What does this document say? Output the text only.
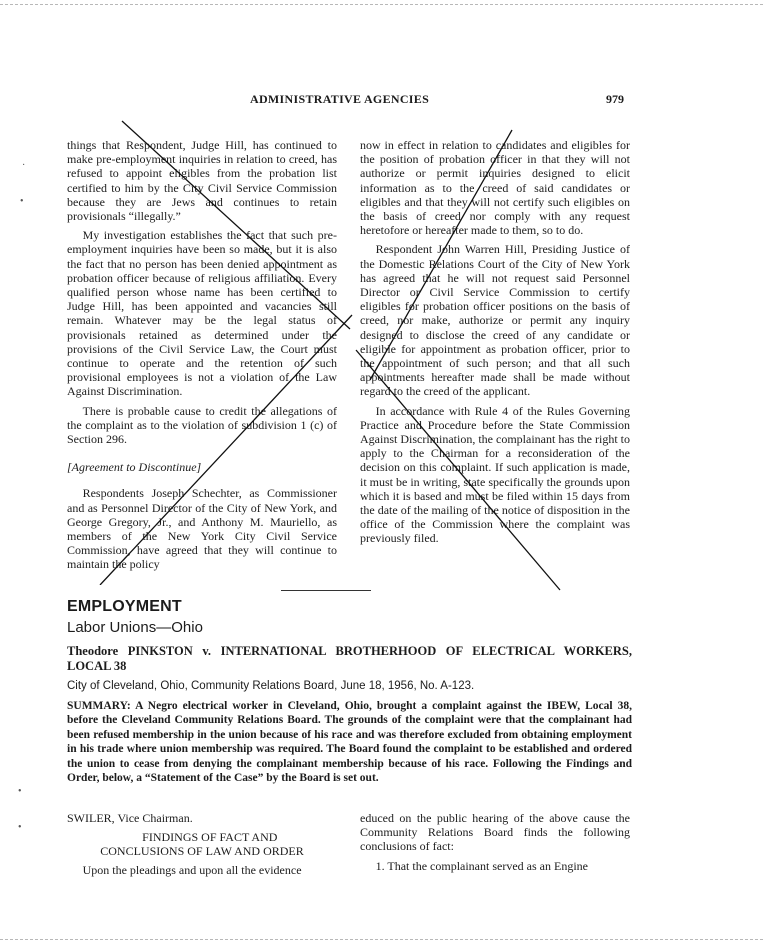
ADMINISTRATIVE AGENCIES	979

things that Respondent, Judge Hill, has continued to make pre-employment inquiries in relation to creed, has refused to appoint eligibles from the probation list certified to him by the City Civil Service Commission because they are Jews and continues to retain provisionals “illegally.”

My investigation establishes the fact that such pre-employment inquiries have been so made, but it is also the fact that no person has been denied appointment as probation officer because of religious affiliation. Every qualified person whose name has been certified to Judge Hill, has been appointed and vacancies still remain. Whatever may be the legal status of provisionals retained as determined under the provisions of the Civil Service Law, the Court must continue to operate and the retention of such provisional employees is not a violation of the Law Against Discrimination.

There is probable cause to credit the allegations of the complaint as to the violation of subdivision 1 (c) of Section 296.

[Agreement to Discontinue]

Respondents Joseph Schechter, as Commissioner and as Personnel Director of the City of New York, and George Gregory, Jr., and Anthony M. Mauriello, as members of the New York City Civil Service Commission, have agreed that they will continue to maintain the policy

now in effect in relation to candidates and eligibles for the position of probation officer in that they will not authorize or permit inquiries designed to elicit information as to the creed of said candidates or eligibles and that they will not certify such eligibles on the basis of creed nor comply with any request heretofore or hereafter made to them, so to do.

Respondent John Warren Hill, Presiding Justice of the Domestic Relations Court of the City of New York has agreed that he will not request said Personnel Director or Civil Service Commission to certify eligibles for probation officer positions on the basis of creed, nor make, authorize or permit any inquiry designed to disclose the creed of any candidate or eligible for appointment as probation officer, prior to the appointment of such person; and that all such appointments hereafter made shall be made without regard to the creed of the applicant.

In accordance with Rule 4 of the Rules Governing Practice and Procedure before the State Commission Against Discrimination, the complainant has the right to apply to the Chairman for a reconsideration of the decision on this complaint. If such application is made, it must be in writing, state specifically the grounds upon which it is based and must be filed within 15 days from the date of the mailing of the notice of disposition in the office of the Commission where the complaint was previously filed.

·
•
EMPLOYMENT
Labor Unions—Ohio
Theodore PINKSTON v. INTERNATIONAL BROTHERHOOD OF ELECTRICAL WORKERS, LOCAL 38
City of Cleveland, Ohio, Community Relations Board, June 18, 1956, No. A-123.
SUMMARY: A Negro electrical worker in Cleveland, Ohio, brought a complaint against the IBEW, Local 38, before the Cleveland Community Relations Board. The grounds of the complaint were that the complainant had been refused membership in the union because of his race and was therefore excluded from obtaining employment in his trade where union membership was required. The Board found the complaint to be established and ordered the union to cease from denying the complainant membership because of his race. Following the Findings and Order, below, a “Statement of the Case” by the Board is set out.

SWILER, Vice Chairman.

FINDINGS OF FACT AND
CONCLUSIONS OF LAW AND ORDER

Upon the pleadings and upon all the evidence

educed on the public hearing of the above cause the Community Relations Board finds the following conclusions of fact:

1. That the complainant served as an Engine

•
•
